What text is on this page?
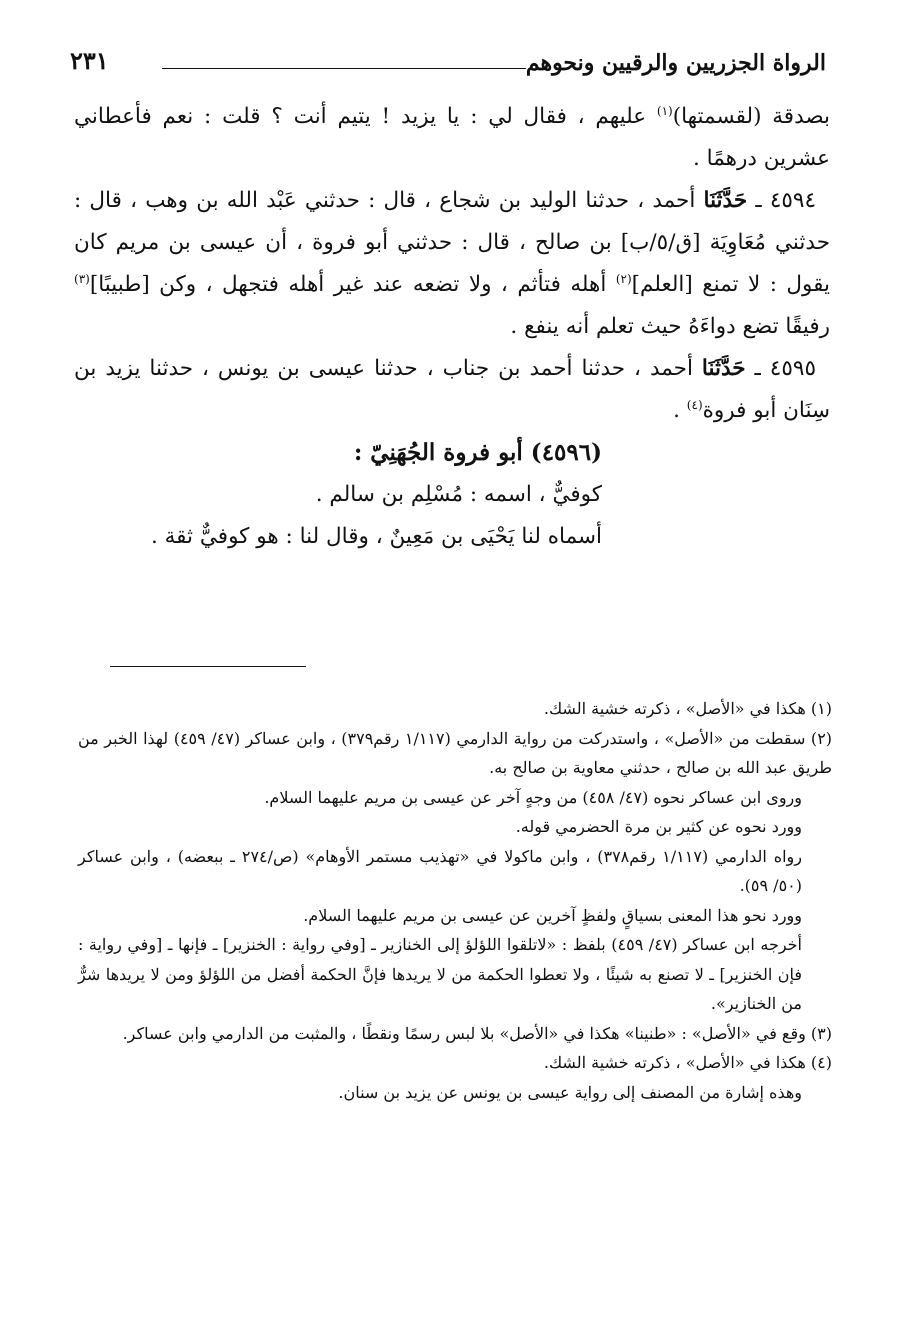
الرواة الجزريين والرقيين ونحوهم
٢٣١

بصدقة (لقسمتها)$^{(١)}$ عليهم ، فقال لي : يا يزيد ! يتيم أنت ؟ قلت : نعم فأعطاني عشرين درهمًا .

٤٥٩٤ ـ حَدَّثَنَا أحمد ، حدثنا الوليد بن شجاع ، قال : حدثني عَبْد الله بن وهب ، قال : حدثني مُعَاوِيَة [ق/٥/ب] بن صالح ، قال : حدثني أبو فروة ، أن عيسى بن مريم كان يقول : لا تمنع [العلم]$^{(٢)}$ أهله فتأثم ، ولا تضعه عند غير أهله فتجهل ، وكن [طبيبًا]$^{(٣)}$ رفيقًا تضع دواءَهُ حيث تعلم أنه ينفع .

٤٥٩٥ ـ حَدَّثَنَا أحمد ، حدثنا أحمد بن جناب ، حدثنا عيسى بن يونس ، حدثنا يزيد بن سِنَان أبو فروة$^{(٤)}$ .

(٤٥٩٦) أبو فروة الجُهَنِيّ :

كوفيٌّ ، اسمه : مُسْلِم بن سالم .

أسماه لنا يَحْيَى بن مَعِينٌ ، وقال لنا : هو كوفيٌّ ثقة .

(١) هكذا في «الأصل» ، ذكرته خشية الشك.

(٢) سقطت من «الأصل» ، واستدركت من رواية الدارمي (١/١١٧ رقم٣٧٩) ، وابن عساكر (٤٧/ ٤٥٩) لهذا الخبر من طريق عبد الله بن صالح ، حدثني معاوية بن صالح به.

وروى ابن عساكر نحوه (٤٧/ ٤٥٨) من وجهٍ آخر عن عيسى بن مريم عليهما السلام.

وورد نحوه عن كثير بن مرة الحضرمي قوله.

رواه الدارمي (١/١١٧ رقم٣٧٨) ، وابن ماكولا في «تهذيب مستمر الأوهام» (ص/٢٧٤ ـ ببعضه) ، وابن عساكر (٥٠/ ٥٩).

وورد نحو هذا المعنى بسياقٍ ولفظٍ آخرين عن عيسى بن مريم عليهما السلام.

أخرجه ابن عساكر (٤٧/ ٤٥٩) بلفظ : «لاتلقوا اللؤلؤ إلى الخنازير ـ [وفي رواية : الخنزير] ـ فإنها ـ [وفي رواية : فإن الخنزير] ـ لا تصنع به شيئًا ، ولا تعطوا الحكمة من لا يريدها فإنَّ الحكمة أفضل من اللؤلؤ ومن لا يريدها شرٌّ من الخنازير».

(٣) وقع في «الأصل» : «طنينا» هكذا في «الأصل» بلا لبس رسمًا ونقطًا ، والمثبت من الدارمي وابن عساكر.

(٤) هكذا في «الأصل» ، ذكرته خشية الشك.

وهذه إشارة من المصنف إلى رواية عيسى بن يونس عن يزيد بن سنان.
